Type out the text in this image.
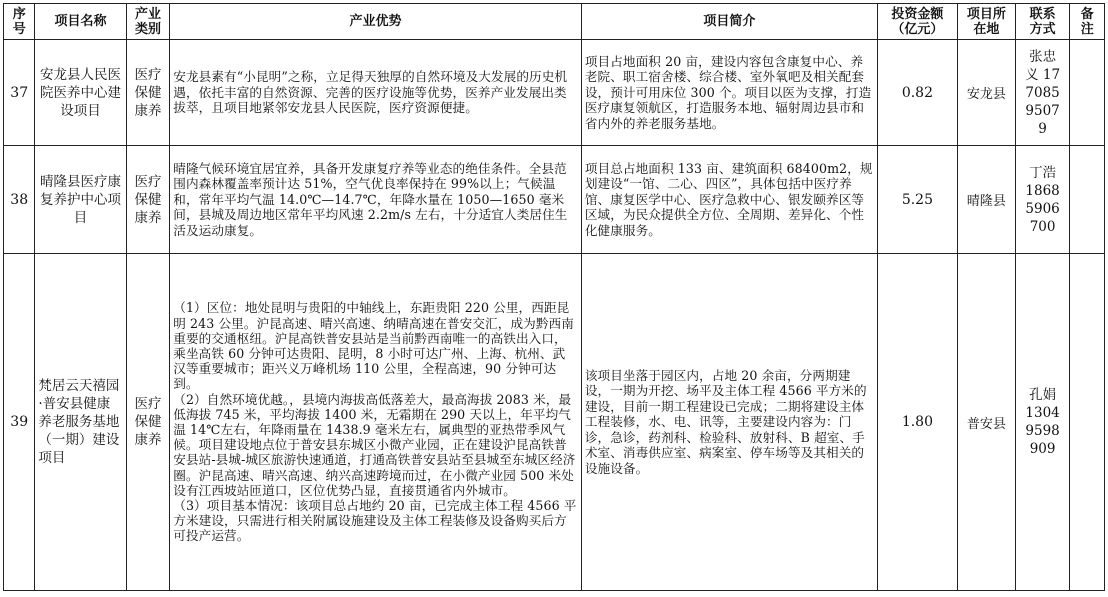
序号	项目名称	产业类别	产业优势	项目简介	投资金额（亿元）	项目所在地	联系方式	备注

37	安龙县人民医院医养中心建设项目	医疗保健康养	安龙县素有“小昆明”之称，立足得天独厚的自然环境及大发展的历史机遇，依托丰富的自然资源、完善的医疗设施等优势，医养产业发展出类拔萃，且项目地紧邻安龙县人民医院，医疗资源便捷。	项目占地面积 20 亩，建设内容包含康复中心、养老院、职工宿舍楼、综合楼、室外氧吧及相关配套设，预计可用床位 300 个。项目以医为支撑，打造医疗康复领航区，打造服务本地、辐射周边县市和省内外的养老服务基地。	0.82	安龙县	张忠义 17708595079	

38	晴隆县医疗康复养护中心项目	医疗保健康养	晴隆气候环境宜居宜养，具备开发康复疗养等业态的绝佳条件。全县范围内森林覆盖率预计达 51%，空气优良率保持在 99%以上；气候温和，常年平均气温 14.0℃—14.7℃，年降水量在 1050—1650 毫米间，县城及周边地区常年平均风速 2.2m/s 左右，十分适宜人类居住生活及运动康复。	项目总占地面积 133 亩、建筑面积 68400m2，规划建设“一馆、二心、四区”，具体包括中医疗养馆、康复医学中心、医疗急救中心、银发颐养区等区域，为民众提供全方位、全周期、差异化、个性化健康服务。	5.25	晴隆县	丁浩 18685906700	

39	梵居云天禧园·普安县健康养老服务基地（一期）建设项目	医疗保健康养	（1）区位：地处昆明与贵阳的中轴线上，东距贵阳 220 公里，西距昆明 243 公里。沪昆高速、晴兴高速、纳晴高速在普安交汇，成为黔西南重要的交通枢纽。沪昆高铁普安县站是当前黔西南唯一的高铁出入口，乘坐高铁 60 分钟可达贵阳、昆明，8 小时可达广州、上海、杭州、武汉等重要城市；距兴义万峰机场 110 公里，全程高速，90 分钟可达到。
（2）自然环境优越。，县境内海拔高低落差大，最高海拔 2083 米，最低海拔 745 米，平均海拔 1400 米，无霜期在 290 天以上，年平均气温 14℃左右，年降雨量在 1438.9 毫米左右，属典型的亚热带季风气候。项目建设地点位于普安县东城区小微产业园，正在建设沪昆高铁普安县站-县城-城区旅游快速通道，打通高铁普安县站至县城至东城区经济圈。沪昆高速、晴兴高速、纳兴高速跨境而过，在小微产业园 500 米处设有江西坡站匝道口，区位优势凸显，直接贯通省内外城市。
（3）项目基本情况：该项目总占地约 20 亩，已完成主体工程 4566 平方米建设，只需进行相关附属设施建设及主体工程装修及设备购买后方可投产运营。	该项目坐落于园区内，占地 20 余亩，分两期建设，一期为开挖、场平及主体工程 4566 平方米的建设，目前一期工程建设已完成；二期将建设主体工程装修，水、电、讯等，主要建设内容为：门诊，急诊，药剂科、检验科、放射科、B 超室、手术室、消毒供应室、病案室、停车场等及其相关的设施设备。	1.80	普安县	孔娟 13049598909	
